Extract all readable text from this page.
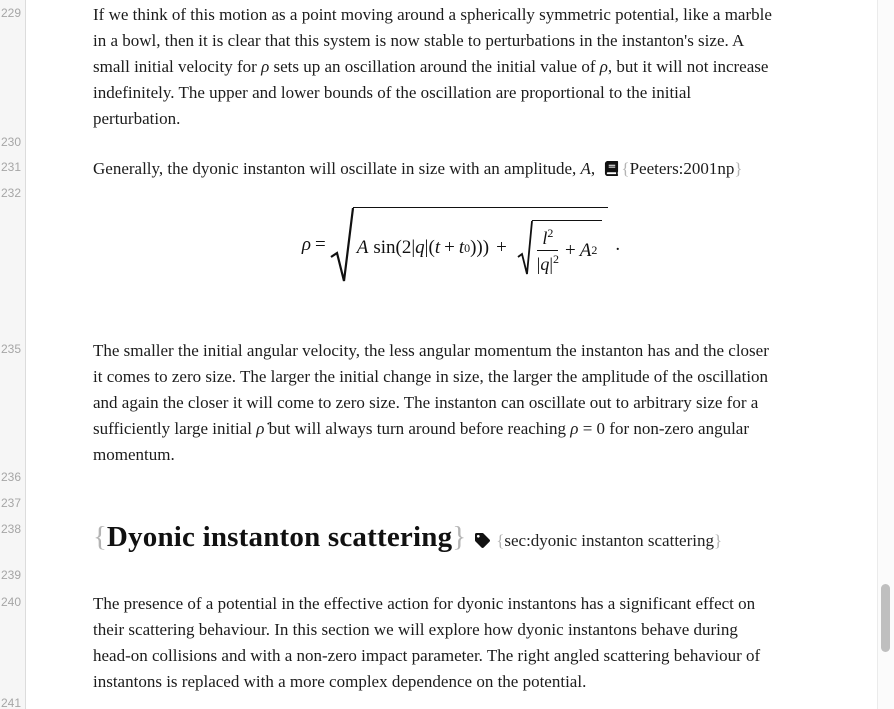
229
230
231
232
235
236
237
238
239
240
241
If we think of this motion as a point moving around a spherically symmetric potential, like a marble
in a bowl, then it is clear that this system is now stable to perturbations in the instanton's size. A
small initial velocity for ρ sets up an oscillation around the initial value of ρ, but it will not increase
indefinitely. The upper and lower bounds of the oscillation are proportional to the initial
perturbation.
Generally, the dyonic instanton will oscillate in size with an amplitude, A, {Peeters:2001np}
ρ = A sin(2| q |( t + t 0 ))) + $\frac{l^2}{|q|^2} + A$ 2 .
The smaller the initial angular velocity, the less angular momentum the instanton has and the closer
it comes to zero size. The larger the initial change in size, the larger the amplitude of the oscillation
and again the closer it will come to zero size. The instanton can oscillate out to arbitrary size for a
sufficiently large initial ρ̇ but will always turn around before reaching ρ = 0 for non-zero angular
momentum.
{Dyonic instanton scattering} {sec:dyonic instanton scattering}
The presence of a potential in the effective action for dyonic instantons has a significant effect on
their scattering behaviour. In this section we will explore how dyonic instantons behave during
head-on collisions and with a non-zero impact parameter. The right angled scattering behaviour of
instantons is replaced with a more complex dependence on the potential.
